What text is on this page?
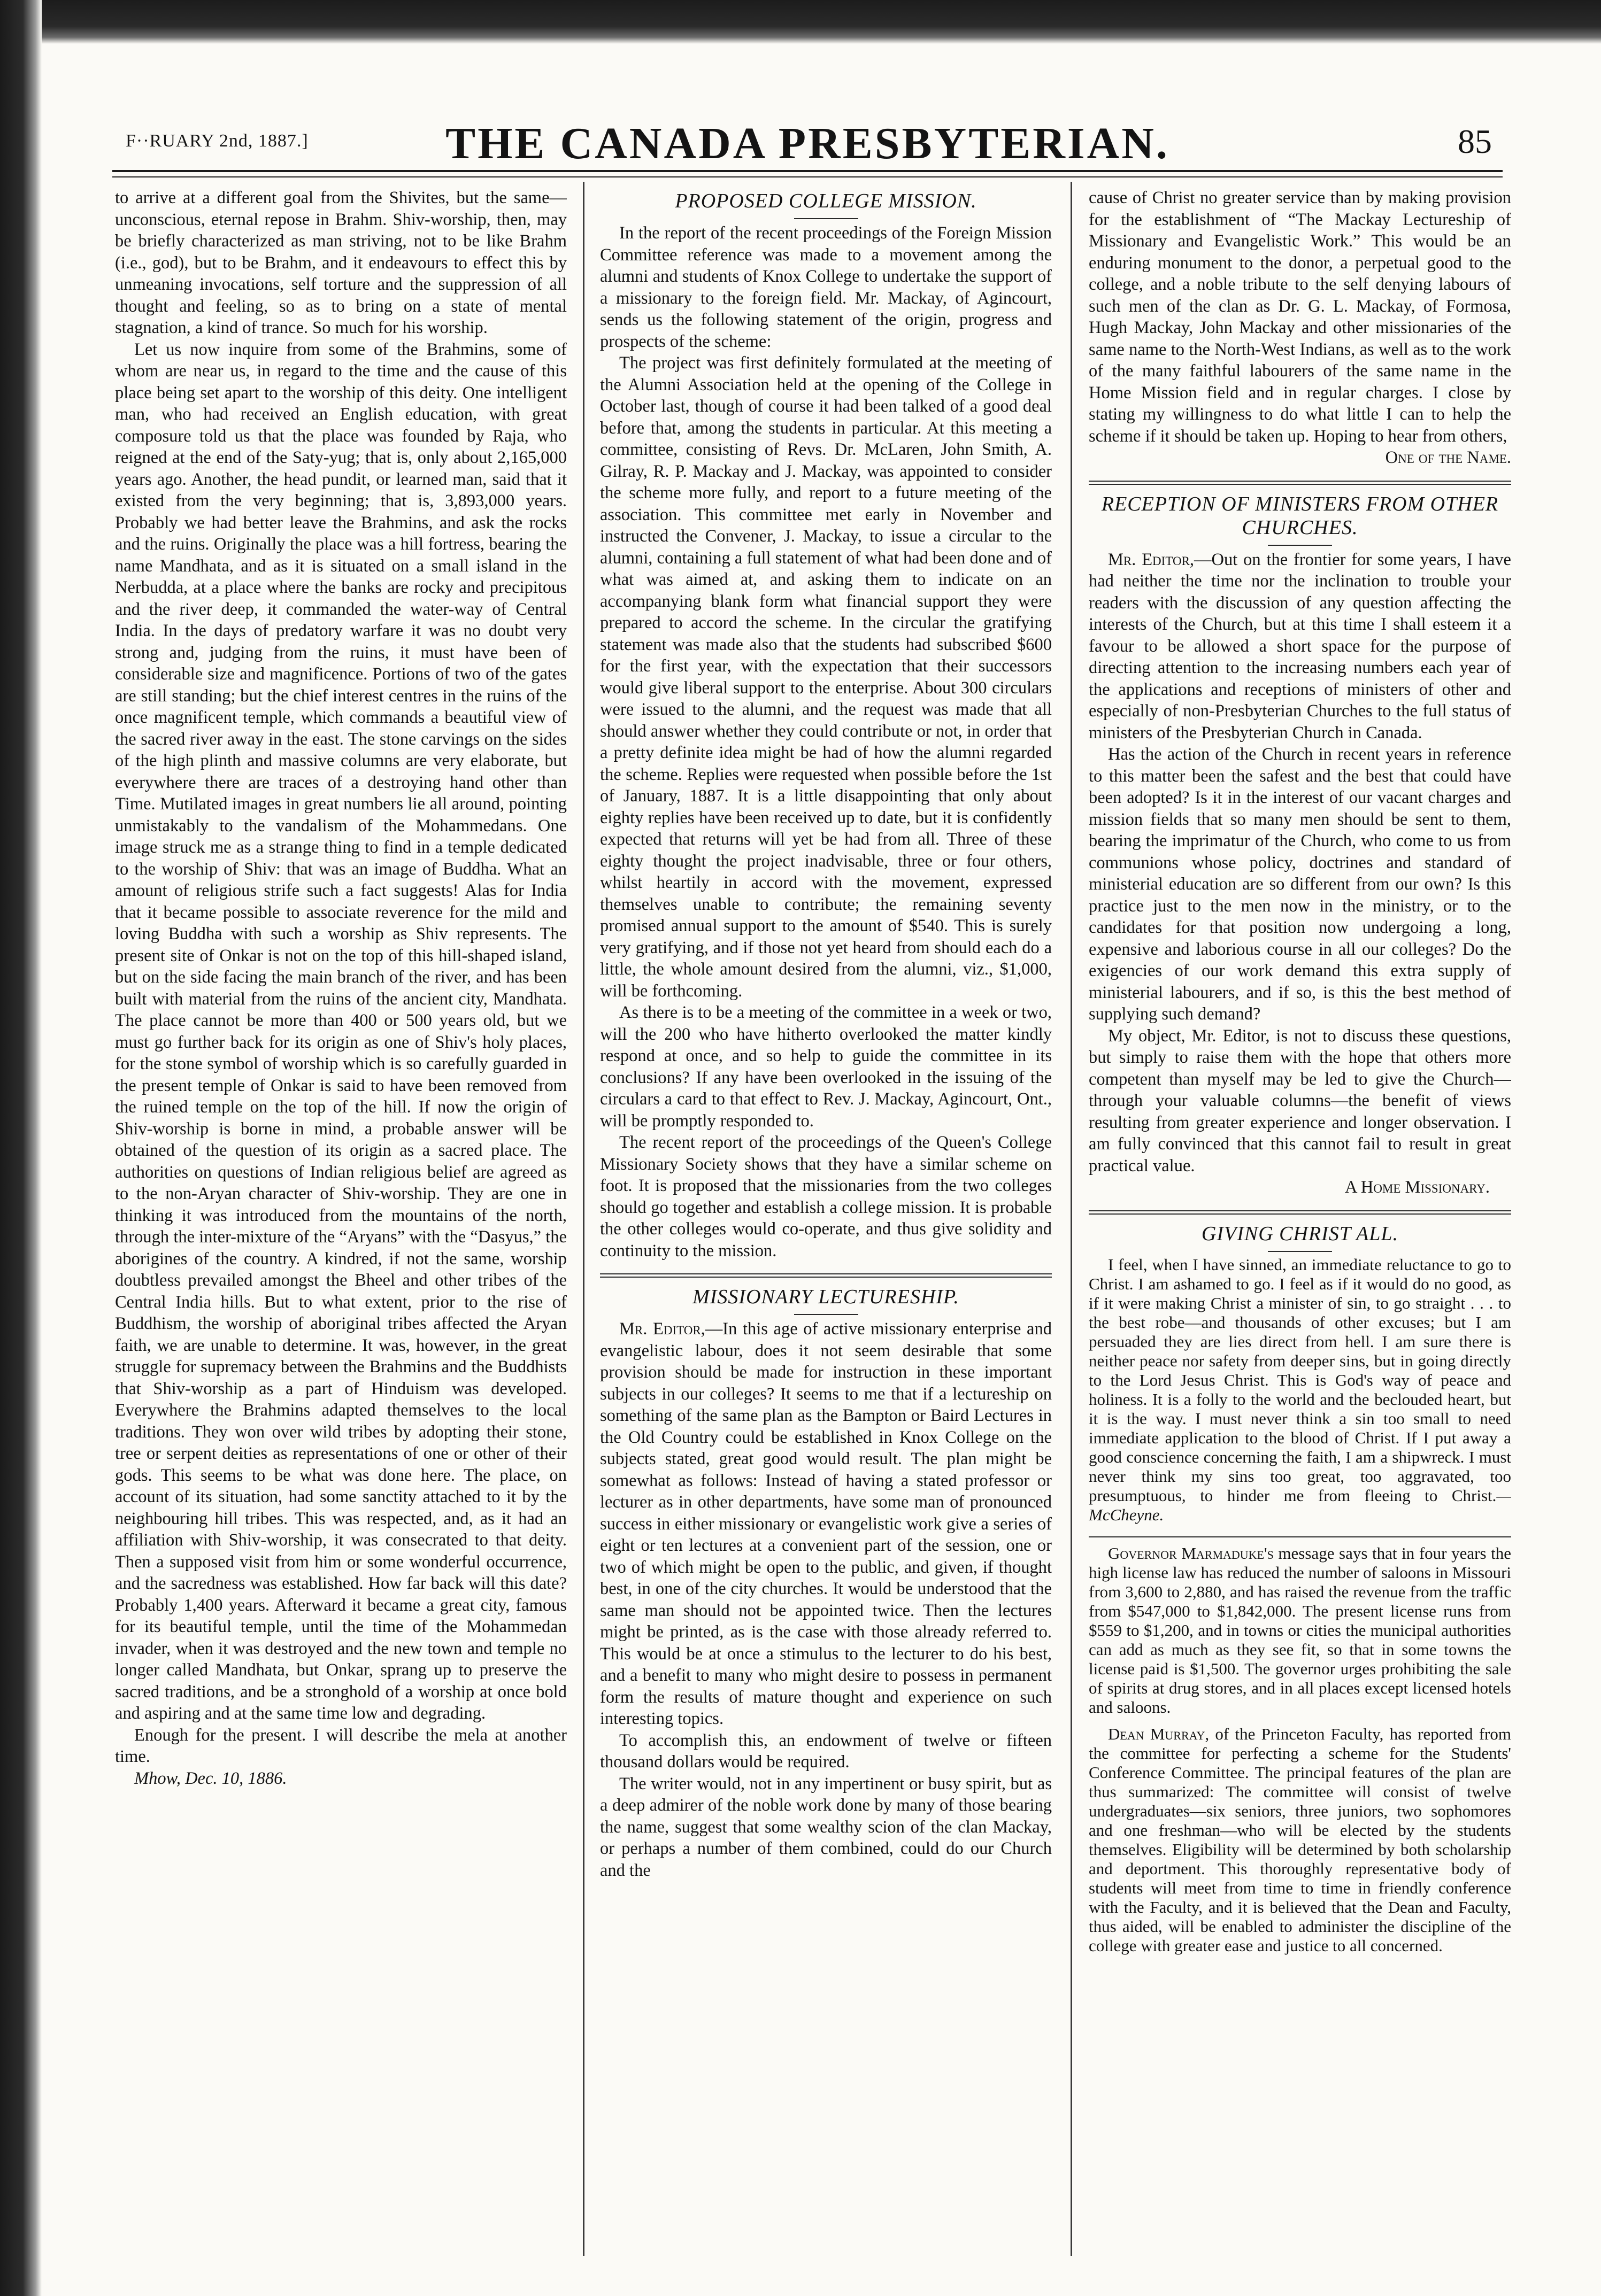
F··RUARY 2nd, 1887.]	THE CANADA PRESBYTERIAN.	85

to arrive at a different goal from the Shivites, but the same—unconscious, eternal repose in Brahm. Shiv-worship, then, may be briefly characterized as man striving, not to be like Brahm (i.e., god), but to be Brahm, and it endeavours to effect this by unmeaning invocations, self torture and the suppression of all thought and feeling, so as to bring on a state of mental stagnation, a kind of trance. So much for his worship.

Let us now inquire from some of the Brahmins, some of whom are near us, in regard to the time and the cause of this place being set apart to the worship of this deity. One intelligent man, who had received an English education, with great composure told us that the place was founded by Raja, who reigned at the end of the Saty-yug; that is, only about 2,165,000 years ago. Another, the head pundit, or learned man, said that it existed from the very beginning; that is, 3,893,000 years. Probably we had better leave the Brahmins, and ask the rocks and the ruins. Originally the place was a hill fortress, bearing the name Mandhata, and as it is situated on a small island in the Nerbudda, at a place where the banks are rocky and precipitous and the river deep, it commanded the water-way of Central India. In the days of predatory warfare it was no doubt very strong and, judging from the ruins, it must have been of considerable size and magnificence. Portions of two of the gates are still standing; but the chief interest centres in the ruins of the once magnificent temple, which commands a beautiful view of the sacred river away in the east. The stone carvings on the sides of the high plinth and massive columns are very elaborate, but everywhere there are traces of a destroying hand other than Time. Mutilated images in great numbers lie all around, pointing unmistakably to the vandalism of the Mohammedans. One image struck me as a strange thing to find in a temple dedicated to the worship of Shiv: that was an image of Buddha. What an amount of religious strife such a fact suggests! Alas for India that it became possible to associate reverence for the mild and loving Buddha with such a worship as Shiv represents. The present site of Onkar is not on the top of this hill-shaped island, but on the side facing the main branch of the river, and has been built with material from the ruins of the ancient city, Mandhata. The place cannot be more than 400 or 500 years old, but we must go further back for its origin as one of Shiv's holy places, for the stone symbol of worship which is so carefully guarded in the present temple of Onkar is said to have been removed from the ruined temple on the top of the hill. If now the origin of Shiv-worship is borne in mind, a probable answer will be obtained of the question of its origin as a sacred place. The authorities on questions of Indian religious belief are agreed as to the non-Aryan character of Shiv-worship. They are one in thinking it was introduced from the mountains of the north, through the inter-mixture of the “Aryans” with the “Dasyus,” the aborigines of the country. A kindred, if not the same, worship doubtless prevailed amongst the Bheel and other tribes of the Central India hills. But to what extent, prior to the rise of Buddhism, the worship of aboriginal tribes affected the Aryan faith, we are unable to determine. It was, however, in the great struggle for supremacy between the Brahmins and the Buddhists that Shiv-worship as a part of Hinduism was developed. Everywhere the Brahmins adapted themselves to the local traditions. They won over wild tribes by adopting their stone, tree or serpent deities as representations of one or other of their gods. This seems to be what was done here. The place, on account of its situation, had some sanctity attached to it by the neighbouring hill tribes. This was respected, and, as it had an affiliation with Shiv-worship, it was consecrated to that deity. Then a supposed visit from him or some wonderful occurrence, and the sacredness was established. How far back will this date? Probably 1,400 years. Afterward it became a great city, famous for its beautiful temple, until the time of the Mohammedan invader, when it was destroyed and the new town and temple no longer called Mandhata, but Onkar, sprang up to preserve the sacred traditions, and be a stronghold of a worship at once bold and aspiring and at the same time low and degrading.

Enough for the present. I will describe the mela at another time.

Mhow, Dec. 10, 1886.

PROPOSED COLLEGE MISSION.

In the report of the recent proceedings of the Foreign Mission Committee reference was made to a movement among the alumni and students of Knox College to undertake the support of a missionary to the foreign field. Mr. Mackay, of Agincourt, sends us the following statement of the origin, progress and prospects of the scheme:

The project was first definitely formulated at the meeting of the Alumni Association held at the opening of the College in October last, though of course it had been talked of a good deal before that, among the students in particular. At this meeting a committee, consisting of Revs. Dr. McLaren, John Smith, A. Gilray, R. P. Mackay and J. Mackay, was appointed to consider the scheme more fully, and report to a future meeting of the association. This committee met early in November and instructed the Convener, J. Mackay, to issue a circular to the alumni, containing a full statement of what had been done and of what was aimed at, and asking them to indicate on an accompanying blank form what financial support they were prepared to accord the scheme. In the circular the gratifying statement was made also that the students had subscribed $600 for the first year, with the expectation that their successors would give liberal support to the enterprise. About 300 circulars were issued to the alumni, and the request was made that all should answer whether they could contribute or not, in order that a pretty definite idea might be had of how the alumni regarded the scheme. Replies were requested when possible before the 1st of January, 1887. It is a little disappointing that only about eighty replies have been received up to date, but it is confidently expected that returns will yet be had from all. Three of these eighty thought the project inadvisable, three or four others, whilst heartily in accord with the movement, expressed themselves unable to contribute; the remaining seventy promised annual support to the amount of $540. This is surely very gratifying, and if those not yet heard from should each do a little, the whole amount desired from the alumni, viz., $1,000, will be forthcoming.

As there is to be a meeting of the committee in a week or two, will the 200 who have hitherto overlooked the matter kindly respond at once, and so help to guide the committee in its conclusions? If any have been overlooked in the issuing of the circulars a card to that effect to Rev. J. Mackay, Agincourt, Ont., will be promptly responded to.

The recent report of the proceedings of the Queen's College Missionary Society shows that they have a similar scheme on foot. It is proposed that the missionaries from the two colleges should go together and establish a college mission. It is probable the other colleges would co-operate, and thus give solidity and continuity to the mission.

MISSIONARY LECTURESHIP.

Mr. Editor,—In this age of active missionary enterprise and evangelistic labour, does it not seem desirable that some provision should be made for instruction in these important subjects in our colleges? It seems to me that if a lectureship on something of the same plan as the Bampton or Baird Lectures in the Old Country could be established in Knox College on the subjects stated, great good would result. The plan might be somewhat as follows: Instead of having a stated professor or lecturer as in other departments, have some man of pronounced success in either missionary or evangelistic work give a series of eight or ten lectures at a convenient part of the session, one or two of which might be open to the public, and given, if thought best, in one of the city churches. It would be understood that the same man should not be appointed twice. Then the lectures might be printed, as is the case with those already referred to. This would be at once a stimulus to the lecturer to do his best, and a benefit to many who might desire to possess in permanent form the results of mature thought and experience on such interesting topics.

To accomplish this, an endowment of twelve or fifteen thousand dollars would be required.

The writer would, not in any impertinent or busy spirit, but as a deep admirer of the noble work done by many of those bearing the name, suggest that some wealthy scion of the clan Mackay, or perhaps a number of them combined, could do our Church and the

cause of Christ no greater service than by making provision for the establishment of “The Mackay Lectureship of Missionary and Evangelistic Work.” This would be an enduring monument to the donor, a perpetual good to the college, and a noble tribute to the self denying labours of such men of the clan as Dr. G. L. Mackay, of Formosa, Hugh Mackay, John Mackay and other missionaries of the same name to the North-West Indians, as well as to the work of the many faithful labourers of the same name in the Home Mission field and in regular charges. I close by stating my willingness to do what little I can to help the scheme if it should be taken up. Hoping to hear from others,

One of the Name.

RECEPTION OF MINISTERS FROM OTHER CHURCHES.

Mr. Editor,—Out on the frontier for some years, I have had neither the time nor the inclination to trouble your readers with the discussion of any question affecting the interests of the Church, but at this time I shall esteem it a favour to be allowed a short space for the purpose of directing attention to the increasing numbers each year of the applications and receptions of ministers of other and especially of non-Presbyterian Churches to the full status of ministers of the Presbyterian Church in Canada.

Has the action of the Church in recent years in reference to this matter been the safest and the best that could have been adopted? Is it in the interest of our vacant charges and mission fields that so many men should be sent to them, bearing the imprimatur of the Church, who come to us from communions whose policy, doctrines and standard of ministerial education are so different from our own? Is this practice just to the men now in the ministry, or to the candidates for that position now undergoing a long, expensive and laborious course in all our colleges? Do the exigencies of our work demand this extra supply of ministerial labourers, and if so, is this the best method of supplying such demand?

My object, Mr. Editor, is not to discuss these questions, but simply to raise them with the hope that others more competent than myself may be led to give the Church—through your valuable columns—the benefit of views resulting from greater experience and longer observation. I am fully convinced that this cannot fail to result in great practical value.

A Home Missionary.

GIVING CHRIST ALL.

I feel, when I have sinned, an immediate reluctance to go to Christ. I am ashamed to go. I feel as if it would do no good, as if it were making Christ a minister of sin, to go straight . . . to the best robe—and thousands of other excuses; but I am persuaded they are lies direct from hell. I am sure there is neither peace nor safety from deeper sins, but in going directly to the Lord Jesus Christ. This is God's way of peace and holiness. It is a folly to the world and the beclouded heart, but it is the way. I must never think a sin too small to need immediate application to the blood of Christ. If I put away a good conscience concerning the faith, I am a shipwreck. I must never think my sins too great, too aggravated, too presumptuous, to hinder me from fleeing to Christ.—McCheyne.

Governor Marmaduke's message says that in four years the high license law has reduced the number of saloons in Missouri from 3,600 to 2,880, and has raised the revenue from the traffic from $547,000 to $1,842,000. The present license runs from $559 to $1,200, and in towns or cities the municipal authorities can add as much as they see fit, so that in some towns the license paid is $1,500. The governor urges prohibiting the sale of spirits at drug stores, and in all places except licensed hotels and saloons.

Dean Murray, of the Princeton Faculty, has reported from the committee for perfecting a scheme for the Students' Conference Committee. The principal features of the plan are thus summarized: The committee will consist of twelve undergraduates—six seniors, three juniors, two sophomores and one freshman—who will be elected by the students themselves. Eligibility will be determined by both scholarship and deportment. This thoroughly representative body of students will meet from time to time in friendly conference with the Faculty, and it is believed that the Dean and Faculty, thus aided, will be enabled to administer the discipline of the college with greater ease and justice to all concerned.
